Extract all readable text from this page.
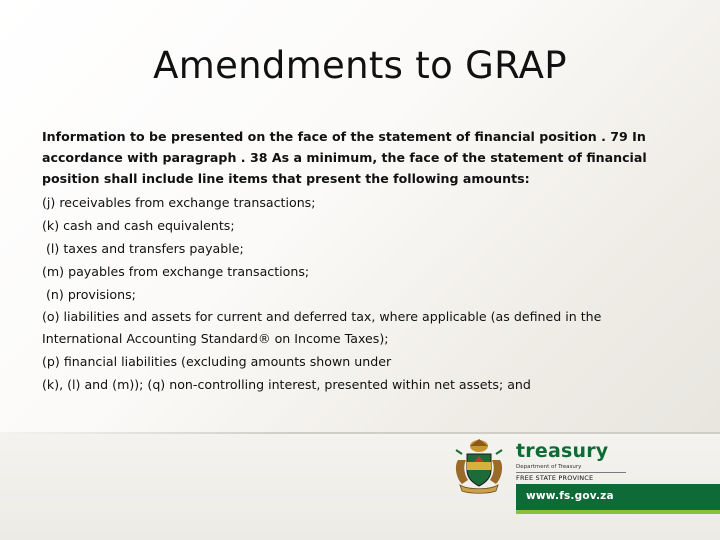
Amendments to GRAP
Information to be presented on the face of the statement of financial position . 79 In accordance with paragraph . 38 As a minimum, the face of the statement of financial position shall include line items that present the following amounts:
(j) receivables from exchange transactions;
(k) cash and cash equivalents;
(l) taxes and transfers payable;
(m) payables from exchange transactions;
(n) provisions;
(o) liabilities and assets for current and deferred tax, where applicable (as defined in the International Accounting Standard® on Income Taxes);
(p) financial liabilities (excluding amounts shown under
(k), (l) and (m)); (q) non-controlling interest, presented within net assets; and
treasury
Department of Treasury
FREE STATE PROVINCE
www.fs.gov.za
